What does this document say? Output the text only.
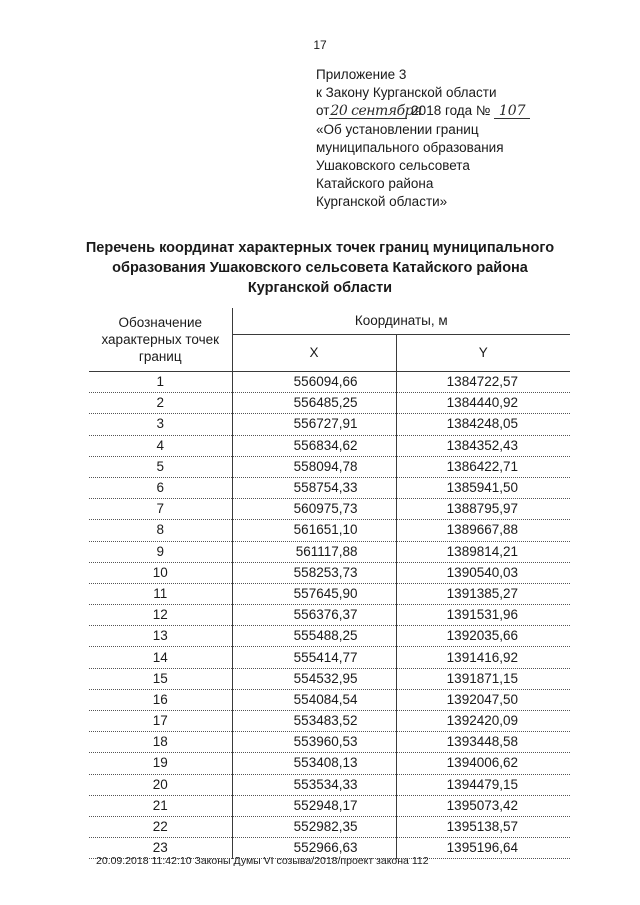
17
Приложение 3
к Закону Курганской области
от20 сентября 2018 года № 107
«Об установлении границ
муниципального образования
Ушаковского сельсовета
Катайского района
Курганской области»
Перечень координат характерных точек границ муниципального
образования Ушаковского сельсовета Катайского района
Курганской области
Обозначение
характерных точек
границ	Координаты, м	
	X	Y
1	556094,66	1384722,57
2	556485,25	1384440,92
3	556727,91	1384248,05
4	556834,62	1384352,43
5	558094,78	1386422,71
6	558754,33	1385941,50
7	560975,73	1388795,97
8	561651,10	1389667,88
9	561117,88	1389814,21
10	558253,73	1390540,03
11	557645,90	1391385,27
12	556376,37	1391531,96
13	555488,25	1392035,66
14	555414,77	1391416,92
15	554532,95	1391871,15
16	554084,54	1392047,50
17	553483,52	1392420,09
18	553960,53	1393448,58
19	553408,13	1394006,62
20	553534,33	1394479,15
21	552948,17	1395073,42
22	552982,35	1395138,57
23	552966,63	1395196,64
20.09.2018 11:42:10 Законы Думы VI созыва/2018/проект закона 112
